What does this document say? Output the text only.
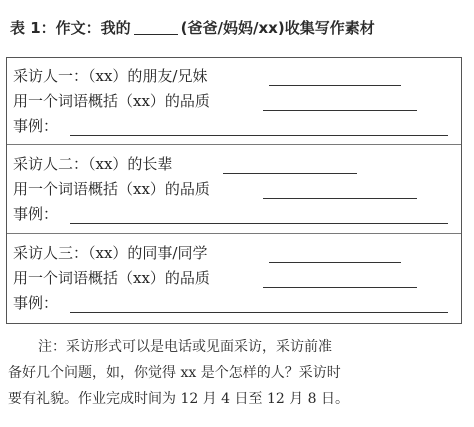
表 1：作文：我的	(爸爸/妈妈/xx)收集写作素材
采访人一：（xx）的朋友/兄妹
用一个词语概括（xx）的品质
事例：
采访人二：（xx）的长辈
用一个词语概括（xx）的品质
事例：
采访人三：（xx）的同事/同学
用一个词语概括（xx）的品质
事例：
注：采访形式可以是电话或见面采访，采访前准
备好几个问题，如，你觉得 xx 是个怎样的人？采访时
要有礼貌。作业完成时间为 12 月 4 日至 12 月 8 日。
